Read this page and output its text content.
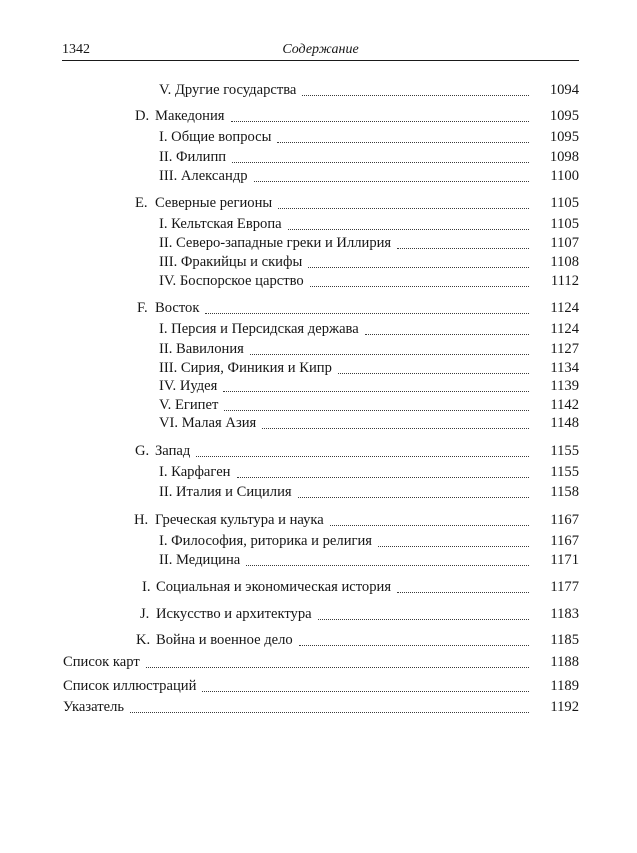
1342	Содержание
V. Другие государства	1094
D. Македония	1095
I. Общие вопросы	1095
II. Филипп	1098
III. Александр	1100
E. Северные регионы	1105
I. Кельтская Европа	1105
II. Северо-западные греки и Иллирия	1107
III. Фракийцы и скифы	1108
IV. Боспорское царство	1112
F. Восток	1124
I. Персия и Персидская держава	1124
II. Вавилония	1127
III. Сирия, Финикия и Кипр	1134
IV. Иудея	1139
V. Египет	1142
VI. Малая Азия	1148
G. Запад	1155
I. Карфаген	1155
II. Италия и Сицилия	1158
H. Греческая культура и наука	1167
I. Философия, риторика и религия	1167
II. Медицина	1171
I. Социальная и экономическая история	1177
J. Искусство и архитектура	1183
K. Война и военное дело	1185
Список карт	1188
Список иллюстраций	1189
Указатель	1192
